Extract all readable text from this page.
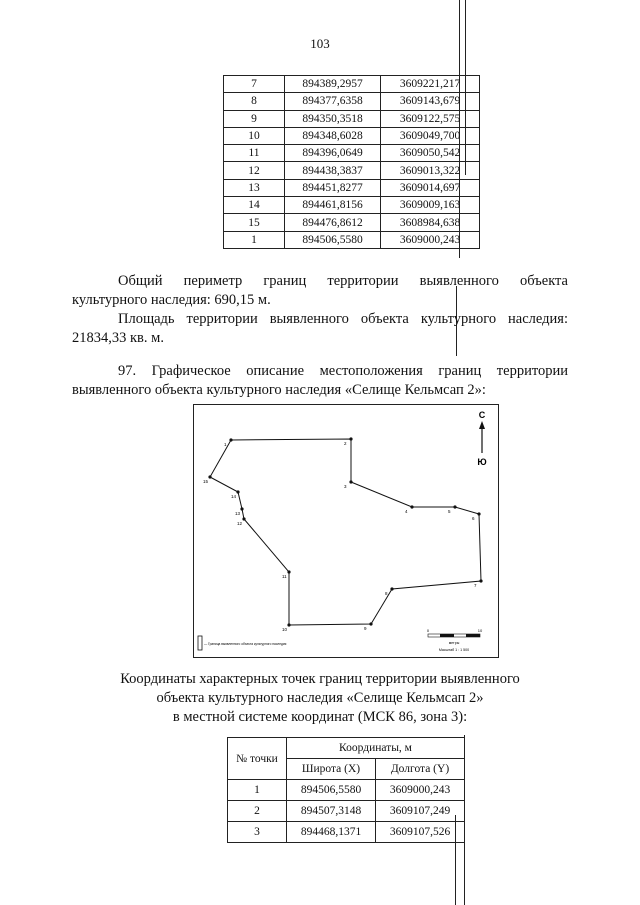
103
7	894389,2957	3609221,217
8	894377,6358	3609143,679
9	894350,3518	3609122,575
10	894348,6028	3609049,700
11	894396,0649	3609050,542
12	894438,3837	3609013,322
13	894451,8277	3609014,697
14	894461,8156	3609009,163
15	894476,8612	3608984,638
1	894506,5580	3609000,243
Общий периметр границ территории выявленного объекта
культурного наследия: 690,15 м.
Площадь территории выявленного объекта культурного наследия:
21834,33 кв. м.
97. Графическое описание местоположения границ территории
выявленного объекта культурного наследия «Селище Кельмсап 2»:
С
Ю
1	2
3
4	5
6
7
8
9
10
11
12
13
14
15
— Граница выявленного объекта культурного наследия
0	10
метры
Масштаб 1 : 1 500
Координаты характерных точек границ территории выявленного
объекта культурного наследия «Селище Кельмсап 2»
в местной системе координат (МСК 86, зона 3):
№ точки	Координаты, м	
	Широта (X)	Долгота (Y)
1	894506,5580	3609000,243
2	894507,3148	3609107,249
3	894468,1371	3609107,526
